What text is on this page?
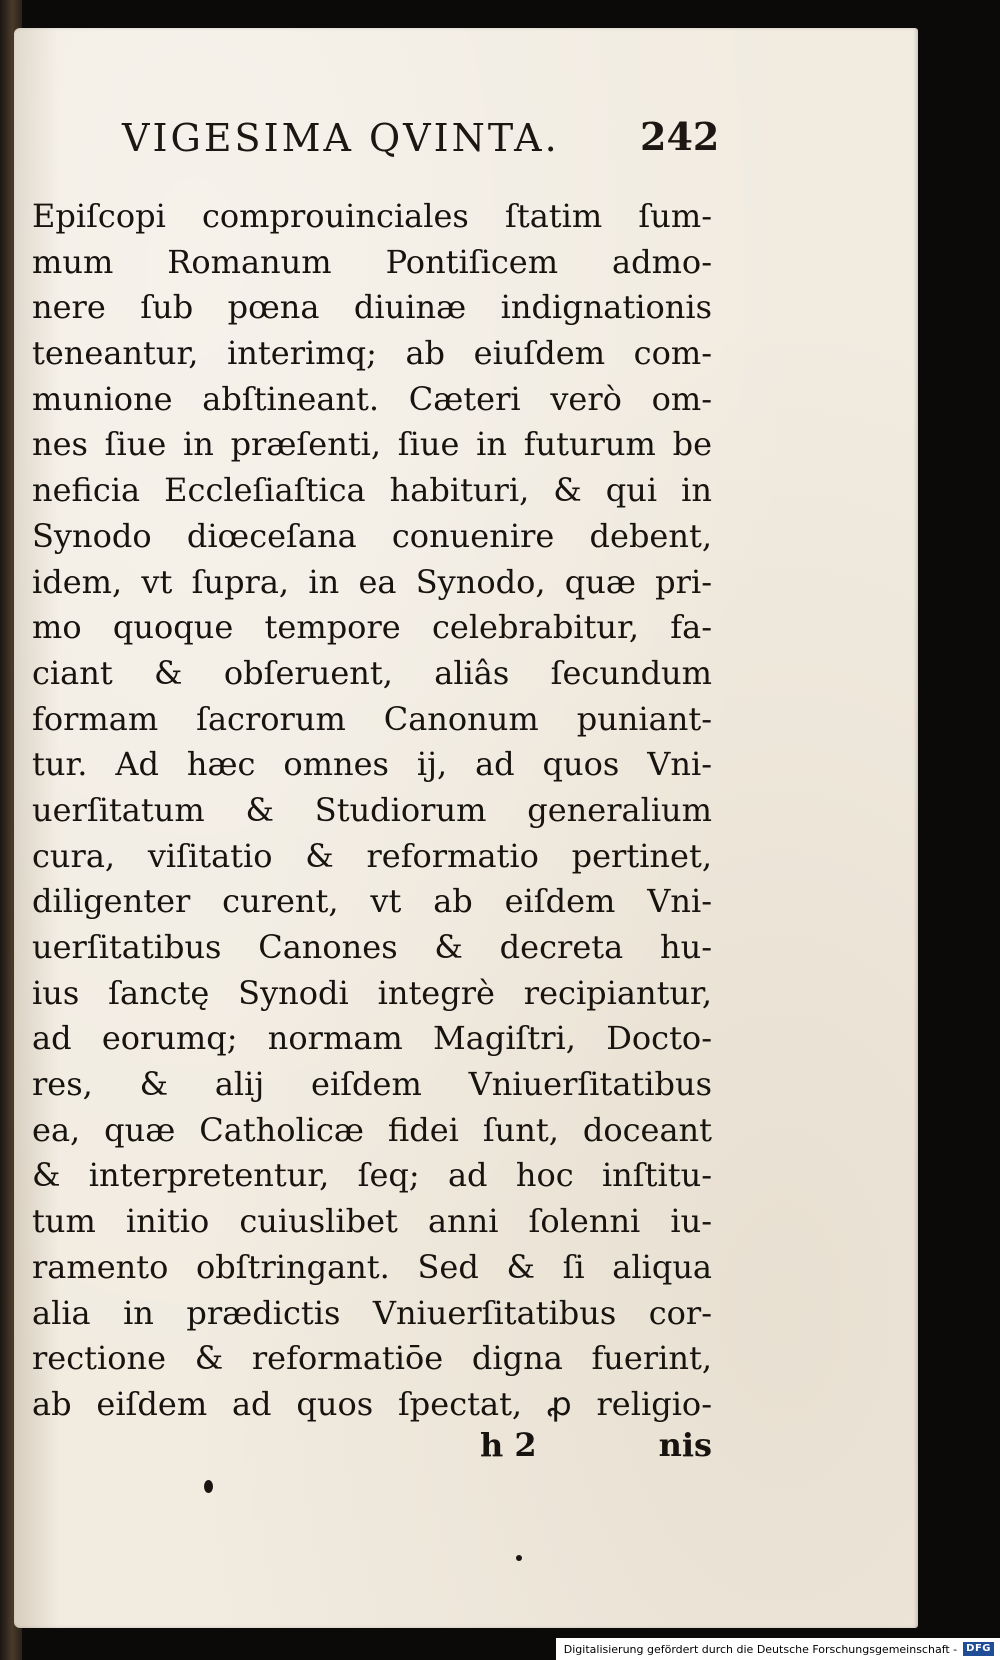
VIGESIMA QVINTA. 242
Epiſcopi comprouinciales ſtatim ſum-
mum Romanum Pontiſicem admo-
nere ſub pœna diuinæ indignationis
teneantur, interimq; ab eiuſdem com-
munione abſtineant. Cæteri verò om-
nes ſiue in præſenti, ſiue in futurum be
neficia Eccleſiaſtica habituri, & qui in
Synodo diœceſana conuenire debent,
idem, vt ſupra, in ea Synodo, quæ pri-
mo quoque tempore celebrabitur, fa-
ciant & obſeruent, aliâs ſecundum
formam ſacrorum Canonum puniant-
tur. Ad hæc omnes ij, ad quos Vni-
uerſitatum & Studiorum generalium
cura, viſitatio & reformatio pertinet,
diligenter curent, vt ab eiſdem Vni-
uerſitatibus Canones & decreta hu-
ius ſanctę Synodi integrè recipiantur,
ad eorumq; normam Magiſtri, Docto-
res, & alij eiſdem Vniuerſitatibus
ea, quæ Catholicæ fidei ſunt, doceant
& interpretentur, ſeq; ad hoc inſtitu-
tum initio cuiuslibet anni ſolenni iu-
ramento obſtringant. Sed & ſi aliqua
alia in prædictis Vniuerſitatibus cor-
rectione & reformatiōe digna fuerint,
ab eiſdem ad quos ſpectat, ꝓ religio-
h 2	nis
Digitalisierung gefördert durch die Deutsche Forschungsgemeinschaft - DFG
